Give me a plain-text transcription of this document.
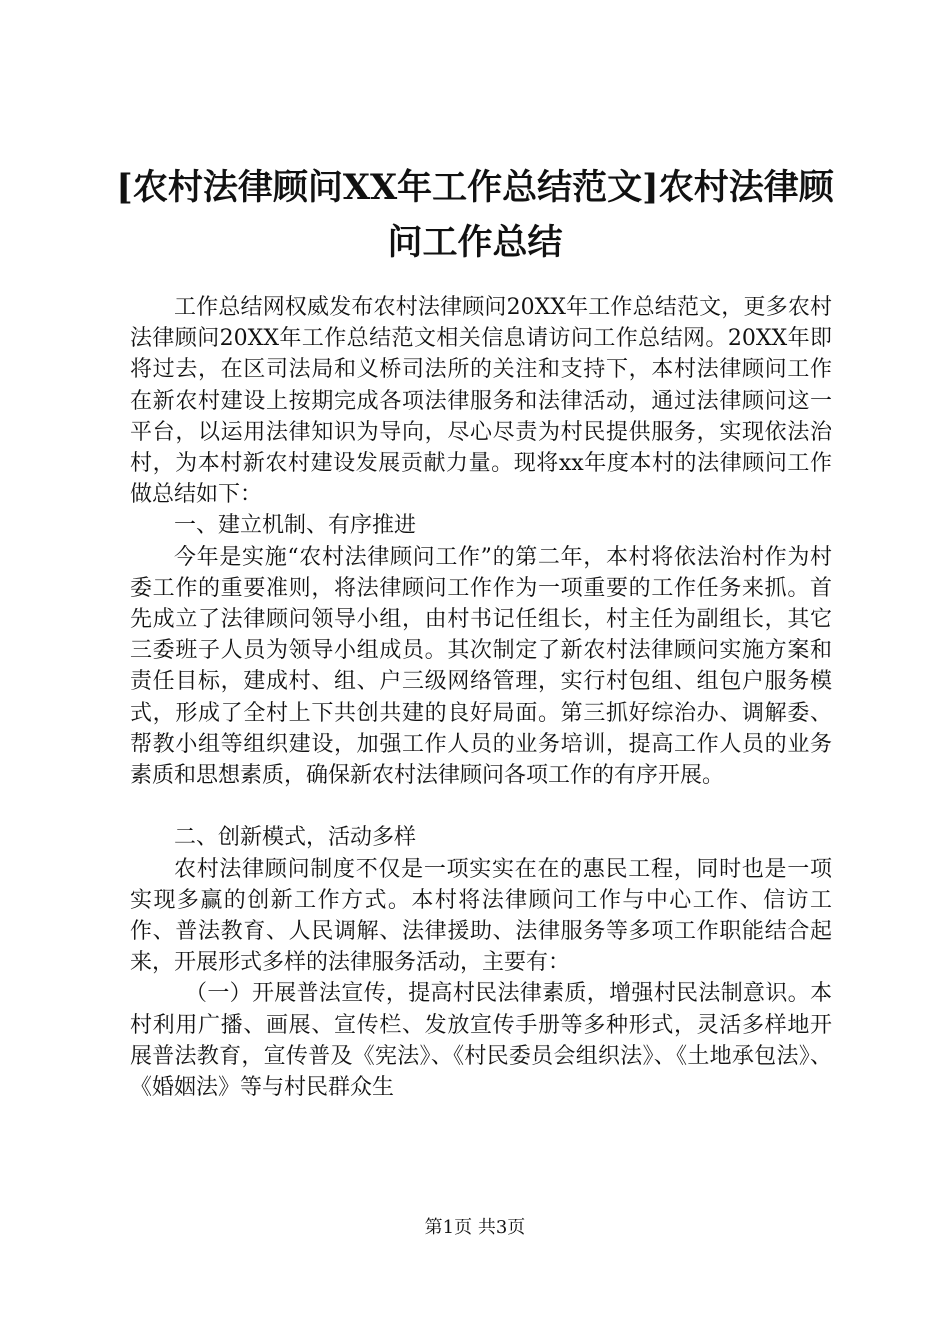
[农村法律顾问XX年工作总结范文]农村法律顾问工作总结

工作总结网权威发布农村法律顾问20XX年工作总结范文，更多农村法律顾问20XX年工作总结范文相关信息请访问工作总结网。20XX年即将过去，在区司法局和义桥司法所的关注和支持下，本村法律顾问工作在新农村建设上按期完成各项法律服务和法律活动，通过法律顾问这一平台，以运用法律知识为导向，尽心尽责为村民提供服务，实现依法治村，为本村新农村建设发展贡献力量。现将xx年度本村的法律顾问工作做总结如下：

一、建立机制、有序推进

今年是实施“农村法律顾问工作”的第二年，本村将依法治村作为村委工作的重要准则，将法律顾问工作作为一项重要的工作任务来抓。首先成立了法律顾问领导小组，由村书记任组长，村主任为副组长，其它三委班子人员为领导小组成员。其次制定了新农村法律顾问实施方案和责任目标，建成村、组、户三级网络管理，实行村包组、组包户服务模式，形成了全村上下共创共建的良好局面。第三抓好综治办、调解委、帮教小组等组织建设，加强工作人员的业务培训，提高工作人员的业务素质和思想素质，确保新农村法律顾问各项工作的有序开展。

二、创新模式，活动多样

农村法律顾问制度不仅是一项实实在在的惠民工程，同时也是一项实现多赢的创新工作方式。本村将法律顾问工作与中心工作、信访工作、普法教育、人民调解、法律援助、法律服务等多项工作职能结合起来，开展形式多样的法律服务活动，主要有：

（一）开展普法宣传，提高村民法律素质，增强村民法制意识。本村利用广播、画展、宣传栏、发放宣传手册等多种形式，灵活多样地开展普法教育，宣传普及《宪法》、《村民委员会组织法》、《土地承包法》、《婚姻法》等与村民群众生

第1页 共3页
